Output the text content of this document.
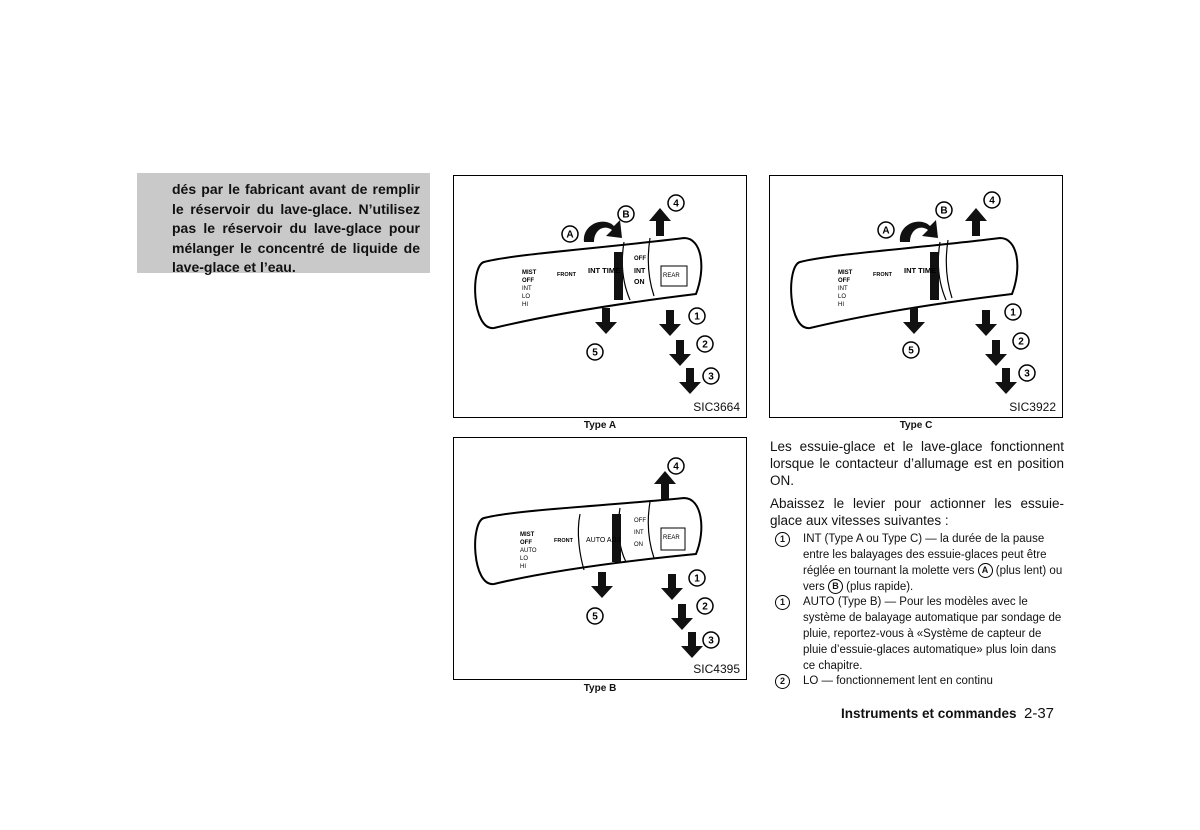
dés par le fabricant avant de remplir le réservoir du lave-glace. N’utilisez pas le réservoir du lave-glace pour mélanger le concentré de liquide de lave-glace et l’eau.	MIST
OFF
INT
LO
HI
FRONT INT TIME
OFF
INT
ON
REAR
A
B
4
5
1
2
3
SIC3664
Type A
MIST
OFF
INT
LO
HI
FRONT INT TIME
A
B
4
5
1
2
3
SIC3922
Type C
MIST
OFF
AUTO
LO
HI
FRONT AUTO ADJ
OFF
INT
ON
REAR
4
5
1
2
3
SIC4395
Type B
Les essuie-glace et le lave-glace fonctionnent lorsque le contacteur d’allumage est en position ON.
Abaissez le levier pour actionner les essuie-glace aux vitesses suivantes :
1	INT (Type A ou Type C) — la durée de la pause entre les balayages des essuie-glaces peut être réglée en tournant la molette vers A (plus lent) ou vers B (plus rapide).
1	AUTO (Type B) — Pour les modèles avec le système de balayage automatique par sondage de pluie, reportez-vous à «Système de capteur de pluie d’essuie-glaces automatique» plus loin dans ce chapitre.
2	LO — fonctionnement lent en continu
Instruments et commandes 2-37
